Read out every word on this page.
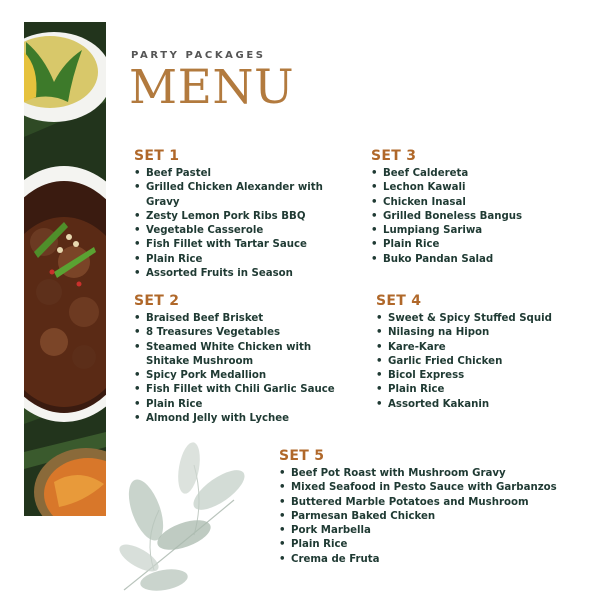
PARTY PACKAGES
MENU
SET 1
• Beef Pastel
• Grilled Chicken Alexander with Gravy
• Zesty Lemon Pork Ribs BBQ
• Vegetable Casserole
• Fish Fillet with Tartar Sauce
• Plain Rice
• Assorted Fruits in Season
SET 2
• Braised Beef Brisket
• 8 Treasures Vegetables
• Steamed White Chicken with Shitake Mushroom
• Spicy Pork Medallion
• Fish Fillet with Chili Garlic Sauce
• Plain Rice
• Almond Jelly with Lychee
SET 3
• Beef Caldereta
• Lechon Kawali
• Chicken Inasal
• Grilled Boneless Bangus
• Lumpiang Sariwa
• Plain Rice
• Buko Pandan Salad
SET 4
• Sweet & Spicy Stuffed Squid
• Nilasing na Hipon
• Kare-Kare
• Garlic Fried Chicken
• Bicol Express
• Plain Rice
• Assorted Kakanin
SET 5
• Beef Pot Roast with Mushroom Gravy
• Mixed Seafood in Pesto Sauce with Garbanzos
• Buttered Marble Potatoes and Mushroom
• Parmesan Baked Chicken
• Pork Marbella
• Plain Rice
• Crema de Fruta
